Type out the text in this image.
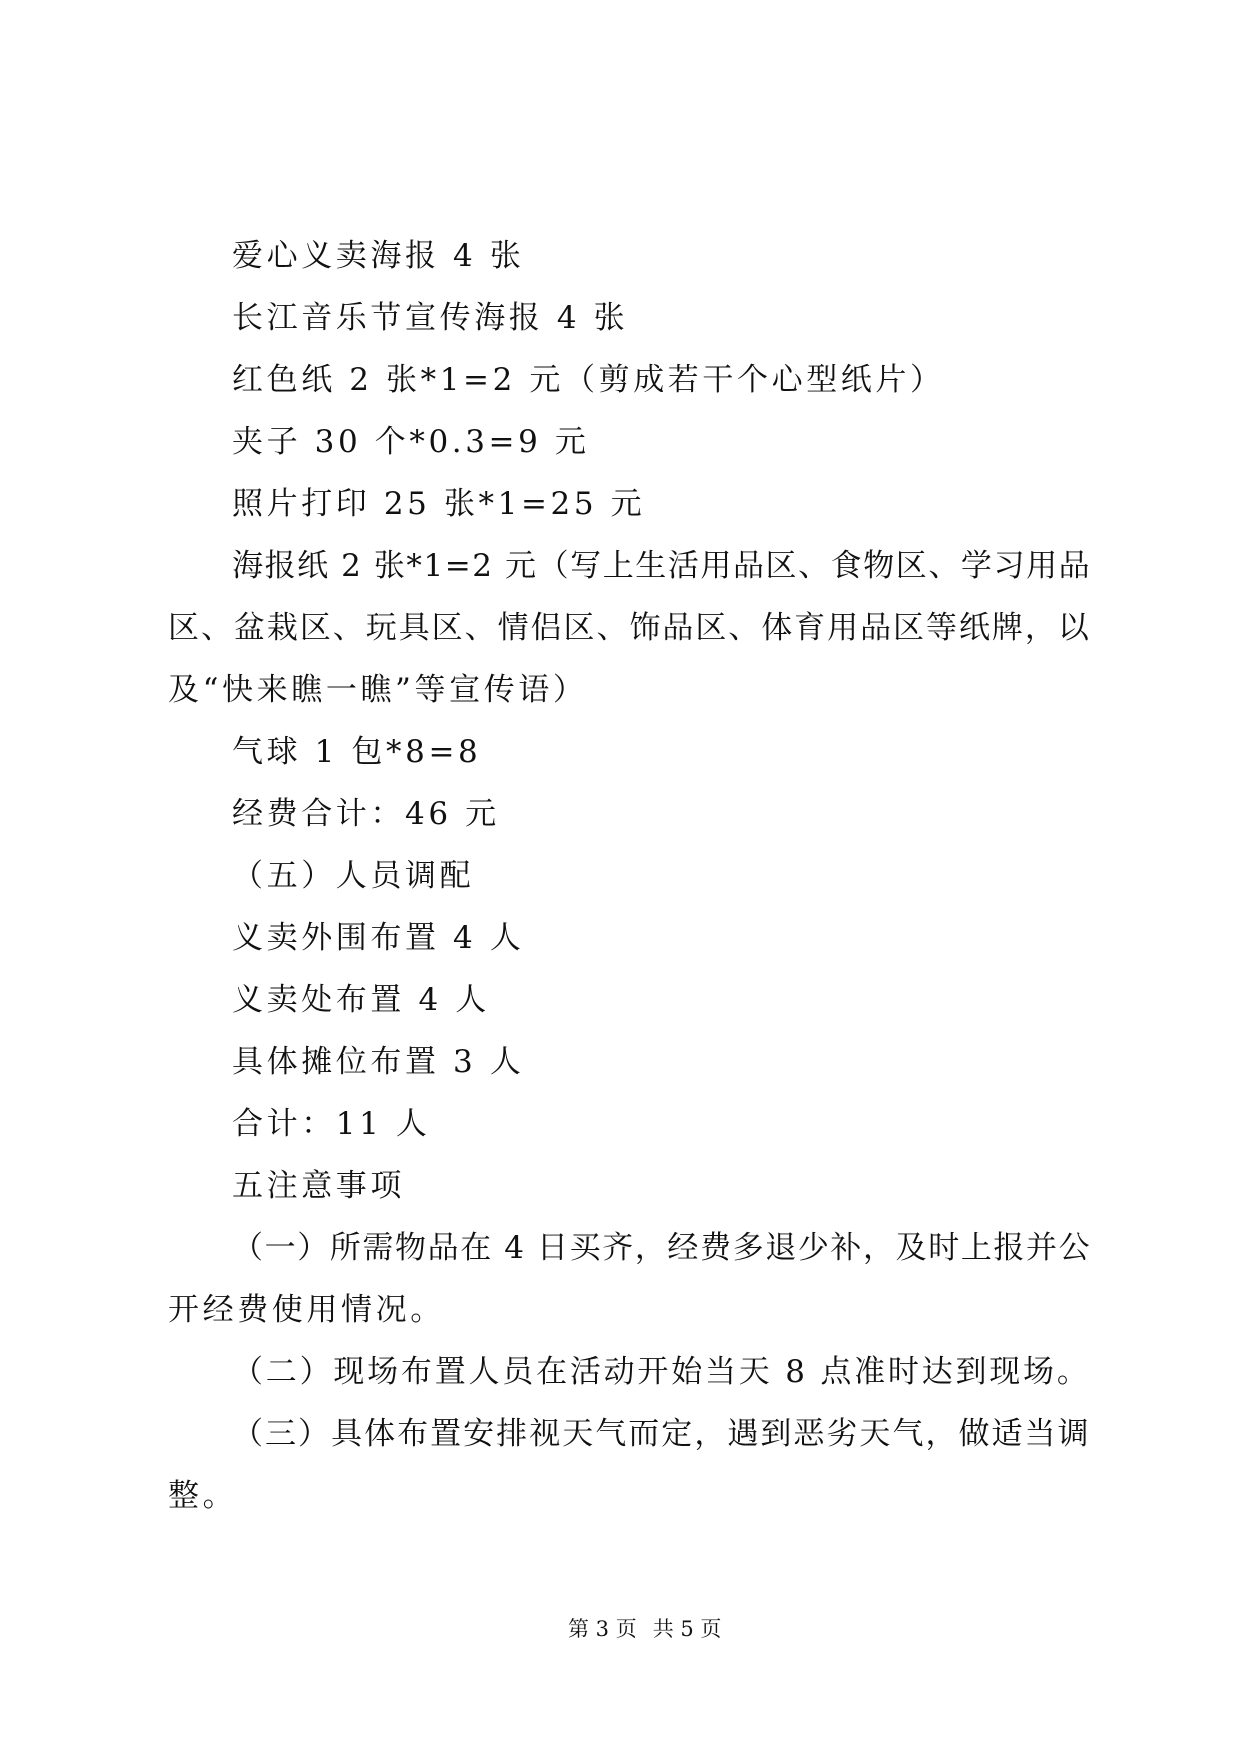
爱心义卖海报 4 张
长江音乐节宣传海报 4 张
红色纸 2 张*1=2 元（剪成若干个心型纸片）
夹子 30 个*0.3=9 元
照片打印 25 张*1=25 元
海报纸 2 张*1=2 元（写上生活用品区、食物区、学习用品
区、盆栽区、玩具区、情侣区、饰品区、体育用品区等纸牌，以
及“快来瞧一瞧”等宣传语）
气球 1 包*8=8
经费合计：46 元
（五）人员调配
义卖外围布置 4 人
义卖处布置 4 人
具体摊位布置 3 人
合计：11 人
五注意事项
（一）所需物品在 4 日买齐，经费多退少补，及时上报并公
开经费使用情况。
（二）现场布置人员在活动开始当天 8 点准时达到现场。
（三）具体布置安排视天气而定，遇到恶劣天气，做适当调
整。
第 3 页 共 5 页
